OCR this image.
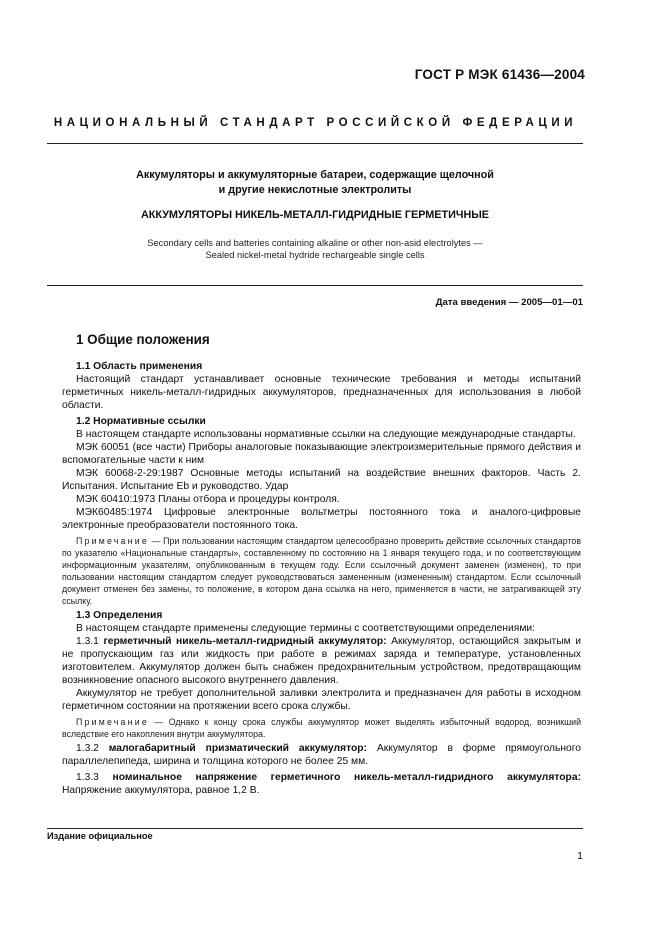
ГОСТ Р МЭК 61436—2004
НАЦИОНАЛЬНЫЙ СТАНДАРТ РОССИЙСКОЙ ФЕДЕРАЦИИ
Аккумуляторы и аккумуляторные батареи, содержащие щелочной
и другие некислотные электролиты
АККУМУЛЯТОРЫ НИКЕЛЬ-МЕТАЛЛ-ГИДРИДНЫЕ ГЕРМЕТИЧНЫЕ
Secondary cells and batteries containing alkaline or other non-asid electrolytes —
Sealed nickel-metal hydride rechargeable single cells
Дата введения — 2005—01—01
1 Общие положения
1.1 Область применения

Настоящий стандарт устанавливает основные технические требования и методы испытаний герметичных никель-металл-гидридных аккумуляторов, предназначенных для использования в любой области.

1.2 Нормативные ссылки

В настоящем стандарте использованы нормативные ссылки на следующие международные стандарты.

МЭК 60051 (все части) Приборы аналоговые показывающие электроизмерительные прямого действия и вспомогательные части к ним

МЭК 60068-2-29:1987 Основные методы испытаний на воздействие внешних факторов. Часть 2. Испытания. Испытание Eb и руководство. Удар

МЭК 60410:1973 Планы отбора и процедуры контроля.

МЭК60485:1974 Цифровые электронные вольтметры постоянного тока и аналого-цифровые электронные преобразователи постоянного тока.

Примечание — При пользовании настоящим стандартом целесообразно проверить действие ссылочных стандартов по указателю «Национальные стандарты», составленному по состоянию на 1 января текущего года, и по соответствующим информационным указателям, опубликованным в текущем году. Если ссылочный документ заменен (изменен), то при пользовании настоящим стандартом следует руководствоваться замененным (измененным) стандартом. Если ссылочный документ отменен без замены, то положение, в котором дана ссылка на него, применяется в части, не затрагивающей эту ссылку.

1.3 Определения

В настоящем стандарте применены следующие термины с соответствующими определениями:

1.3.1 герметичный никель-металл-гидридный аккумулятор: Аккумулятор, остающийся закрытым и не пропускающим газ или жидкость при работе в режимах заряда и температуре, установленных изготовителем. Аккумулятор должен быть снабжен предохранительным устройством, предотвращающим возникновение опасного высокого внутреннего давления.

Аккумулятор не требует дополнительной заливки электролита и предназначен для работы в исходном герметичном состоянии на протяжении всего срока службы.

Примечание — Однако к концу срока службы аккумулятор может выделять избыточный водород, возникший вследствие его накопления внутри аккумулятора.

1.3.2 малогабаритный призматический аккумулятор: Аккумулятор в форме прямоугольного параллелепипеда, ширина и толщина которого не более 25 мм.

1.3.3 номинальное напряжение герметичного никель-металл-гидридного аккумулятора: Напряжение аккумулятора, равное 1,2 В.

Издание официальное
1
